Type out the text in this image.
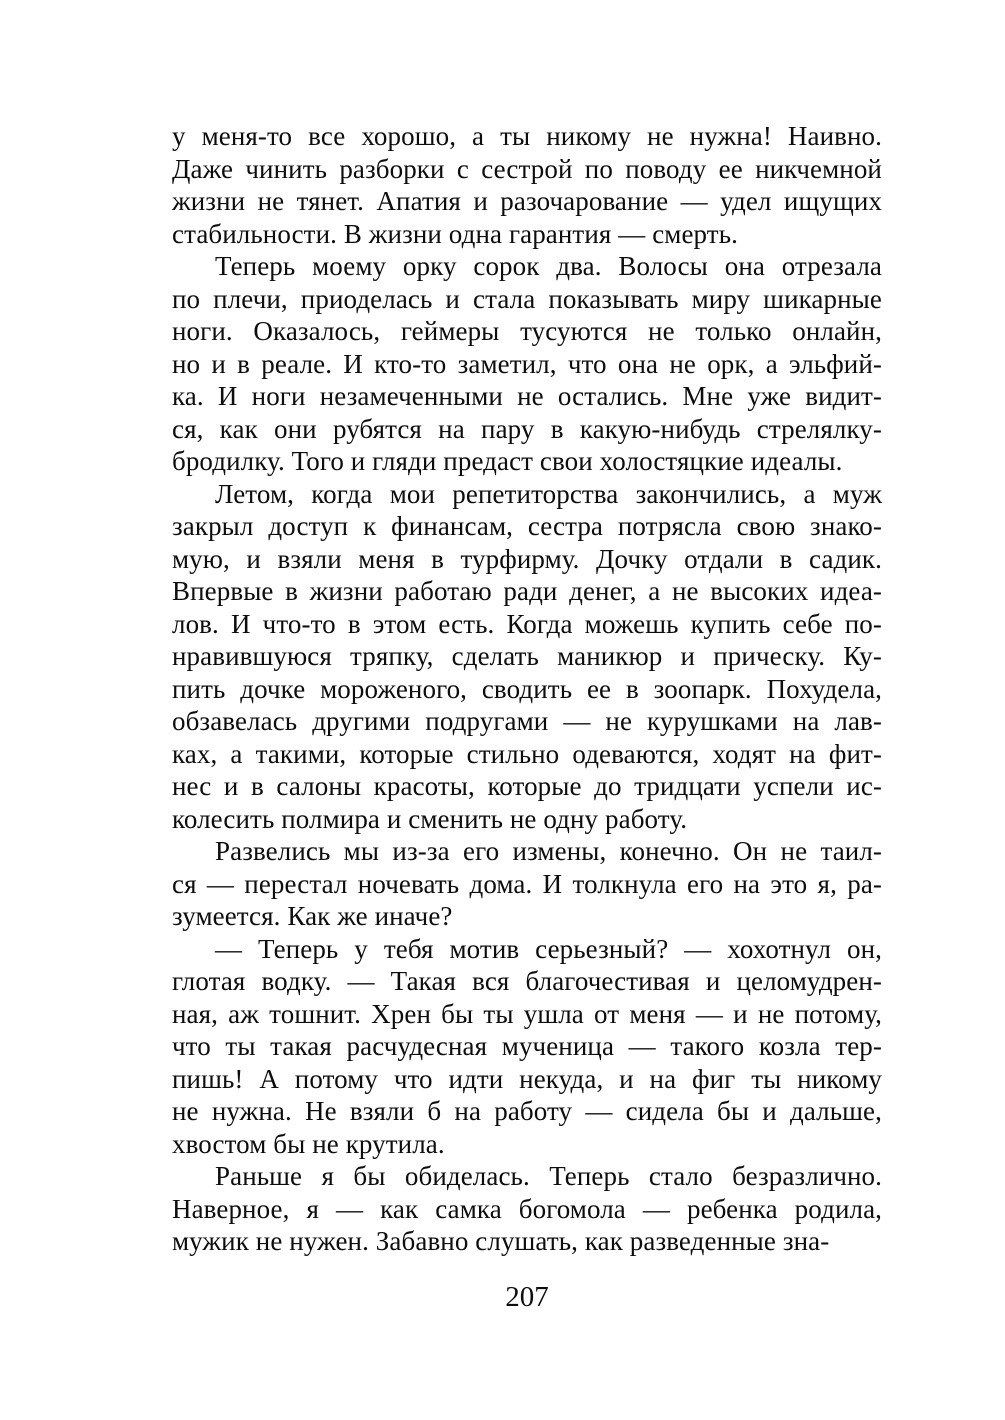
у меня-то все хорошо, а ты никому не нужна! Наивно.
Даже чинить разборки с сестрой по поводу ее никчемной
жизни не тянет. Апатия и разочарование — удел ищущих
стабильности. В жизни одна гарантия — смерть.
Теперь моему орку сорок два. Волосы она отрезала
по плечи, приоделась и стала показывать миру шикарные
ноги. Оказалось, геймеры тусуются не только онлайн,
но и в реале. И кто-то заметил, что она не орк, а эльфий-
ка. И ноги незамеченными не остались. Мне уже видит-
ся, как они рубятся на пару в какую-нибудь стрелялку-
бродилку. Того и гляди предаст свои холостяцкие идеалы.
Летом, когда мои репетиторства закончились, а муж
закрыл доступ к финансам, сестра потрясла свою знако-
мую, и взяли меня в турфирму. Дочку отдали в садик.
Впервые в жизни работаю ради денег, а не высоких идеа-
лов. И что-то в этом есть. Когда можешь купить себе по-
нравившуюся тряпку, сделать маникюр и прическу. Ку-
пить дочке мороженого, сводить ее в зоопарк. Похудела,
обзавелась другими подругами — не курушками на лав-
ках, а такими, которые стильно одеваются, ходят на фит-
нес и в салоны красоты, которые до тридцати успели ис-
колесить полмира и сменить не одну работу.
Развелись мы из-за его измены, конечно. Он не таил-
ся — перестал ночевать дома. И толкнула его на это я, ра-
зумеется. Как же иначе?
— Теперь у тебя мотив серьезный? — хохотнул он,
глотая водку. — Такая вся благочестивая и целомудрен-
ная, аж тошнит. Хрен бы ты ушла от меня — и не потому,
что ты такая расчудесная мученица — такого козла тер-
пишь! А потому что идти некуда, и на фиг ты никому
не нужна. Не взяли б на работу — сидела бы и дальше,
хвостом бы не крутила.
Раньше я бы обиделась. Теперь стало безразлично.
Наверное, я — как самка богомола — ребенка родила,
мужик не нужен. Забавно слушать, как разведенные зна-
207
